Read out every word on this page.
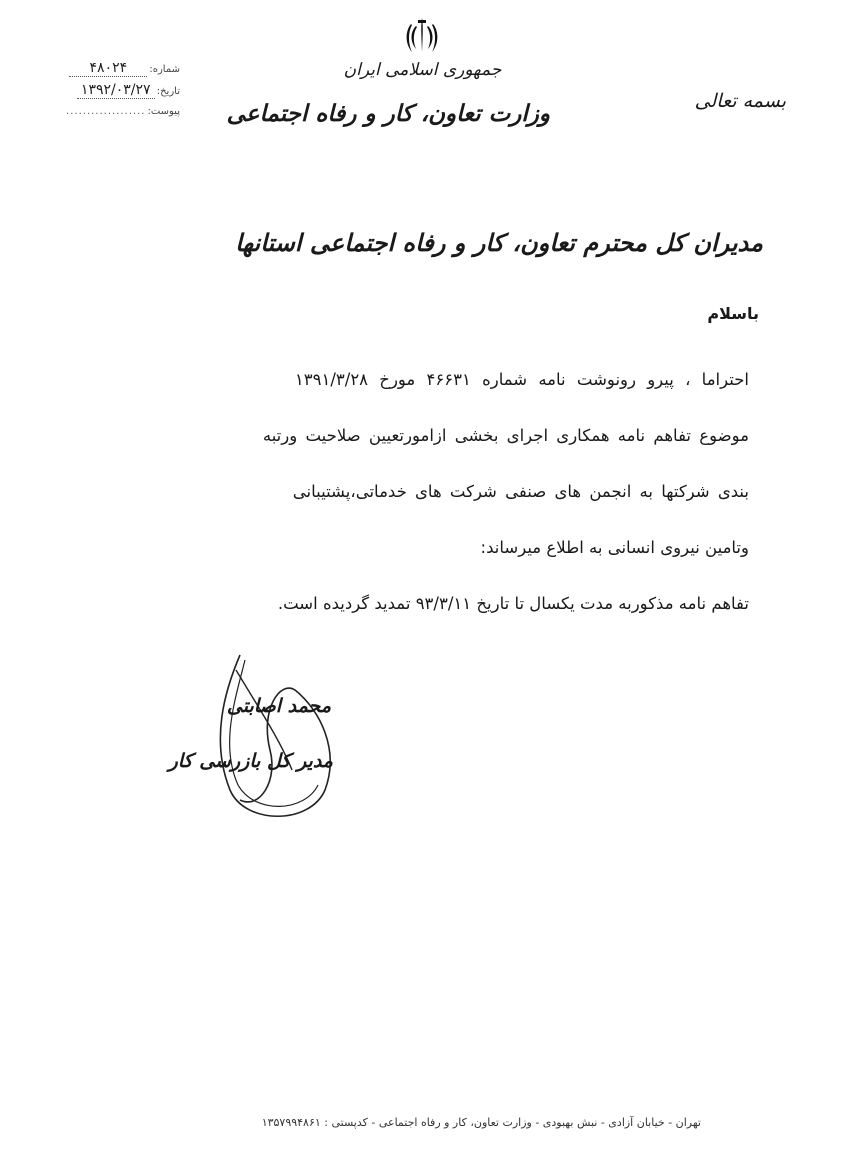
شماره:
۴۸۰۲۴
تاریخ:
۱۳۹۲/۰۳/۲۷
پیوست:
...................
جمهوری اسلامی ایران
وزارت تعاون، کار و رفاه اجتماعی	بسمه تعالی
مدیران کل محترم تعاون، کار و رفاه اجتماعی استانها
باسلام
احتراما ، پیرو رونوشت نامه شماره ۴۶۶۳۱ مورخ ۱۳۹۱/۳/۲۸
موضوع تفاهم نامه همکاری اجرای بخشی ازامورتعیین صلاحیت ورتبه
بندی شرکتها به انجمن های صنفی شرکت های خدماتی،پشتیبانی
وتامین نیروی انسانی به اطلاع میرساند:
تفاهم نامه مذکوربه مدت یکسال تا تاریخ ۹۳/۳/۱۱ تمدید گردیده است.
محمد اصابتی
مدیر کل بازرسی کار
تهران - خیابان آزادی - نبش بهبودی - وزارت تعاون، کار و رفاه اجتماعی - کدپستی : ۱۳۵۷۹۹۴۸۶۱
